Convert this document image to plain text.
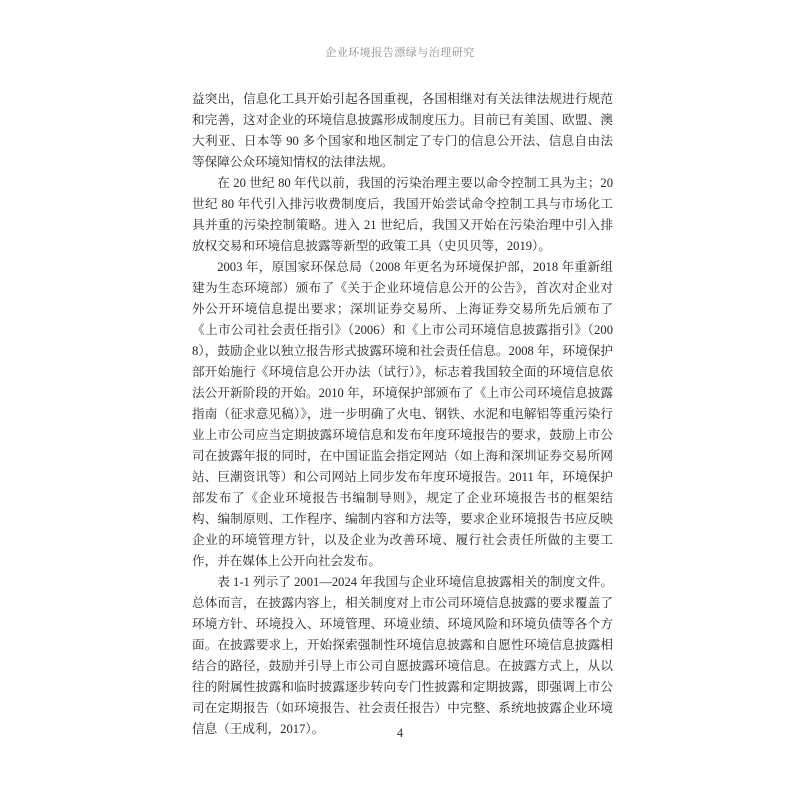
企业环境报告漂绿与治理研究

益突出，信息化工具开始引起各国重视，各国相继对有关法律法规进行规范和完善，这对企业的环境信息披露形成制度压力。目前已有美国、欧盟、澳大利亚、日本等 90 多个国家和地区制定了专门的信息公开法、信息自由法等保障公众环境知情权的法律法规。

在 20 世纪 80 年代以前，我国的污染治理主要以命令控制工具为主；20 世纪 80 年代引入排污收费制度后，我国开始尝试命令控制工具与市场化工具并重的污染控制策略。进入 21 世纪后，我国又开始在污染治理中引入排放权交易和环境信息披露等新型的政策工具（史贝贝等，2019）。

2003 年，原国家环保总局（2008 年更名为环境保护部，2018 年重新组建为生态环境部）颁布了《关于企业环境信息公开的公告》，首次对企业对外公开环境信息提出要求；深圳证券交易所、上海证券交易所先后颁布了《上市公司社会责任指引》（2006）和《上市公司环境信息披露指引》（2008），鼓励企业以独立报告形式披露环境和社会责任信息。2008 年，环境保护部开始施行《环境信息公开办法（试行）》，标志着我国较全面的环境信息依法公开新阶段的开始。2010 年，环境保护部颁布了《上市公司环境信息披露指南（征求意见稿）》，进一步明确了火电、钢铁、水泥和电解铝等重污染行业上市公司应当定期披露环境信息和发布年度环境报告的要求，鼓励上市公司在披露年报的同时，在中国证监会指定网站（如上海和深圳证券交易所网站、巨潮资讯等）和公司网站上同步发布年度环境报告。2011 年，环境保护部发布了《企业环境报告书编制导则》，规定了企业环境报告书的框架结构、编制原则、工作程序、编制内容和方法等，要求企业环境报告书应反映企业的环境管理方针，以及企业为改善环境、履行社会责任所做的主要工作，并在媒体上公开向社会发布。

表 1-1 列示了 2001—2024 年我国与企业环境信息披露相关的制度文件。总体而言，在披露内容上，相关制度对上市公司环境信息披露的要求覆盖了环境方针、环境投入、环境管理、环境业绩、环境风险和环境负债等各个方面。在披露要求上，开始探索强制性环境信息披露和自愿性环境信息披露相结合的路径，鼓励并引导上市公司自愿披露环境信息。在披露方式上，从以往的附属性披露和临时披露逐步转向专门性披露和定期披露，即强调上市公司在定期报告（如环境报告、社会责任报告）中完整、系统地披露企业环境信息（王成利，2017）。	4
